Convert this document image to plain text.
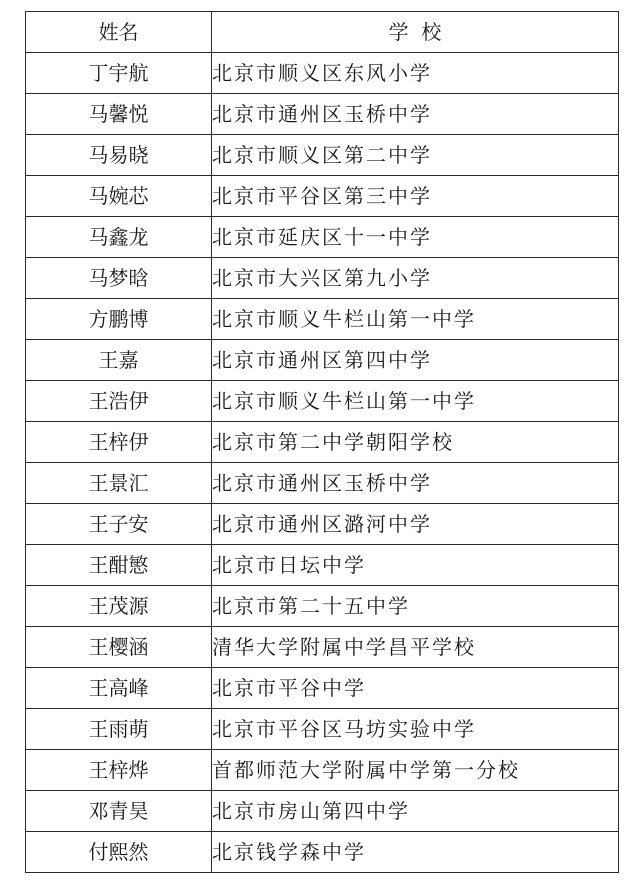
姓名	学  校
丁宇航	北京市顺义区东风小学
马馨悦	北京市通州区玉桥中学
马易晓	北京市顺义区第二中学
马婉芯	北京市平谷区第三中学
马鑫龙	北京市延庆区十一中学
马梦晗	北京市大兴区第九小学
方鹏博	北京市顺义牛栏山第一中学
王嘉	北京市通州区第四中学
王浩伊	北京市顺义牛栏山第一中学
王梓伊	北京市第二中学朝阳学校
王景汇	北京市通州区玉桥中学
王子安	北京市通州区潞河中学
王酣慜	北京市日坛中学
王茂源	北京市第二十五中学
王樱涵	清华大学附属中学昌平学校
王高峰	北京市平谷中学
王雨萌	北京市平谷区马坊实验中学
王梓烨	首都师范大学附属中学第一分校
邓青昊	北京市房山第四中学
付熙然	北京钱学森中学
